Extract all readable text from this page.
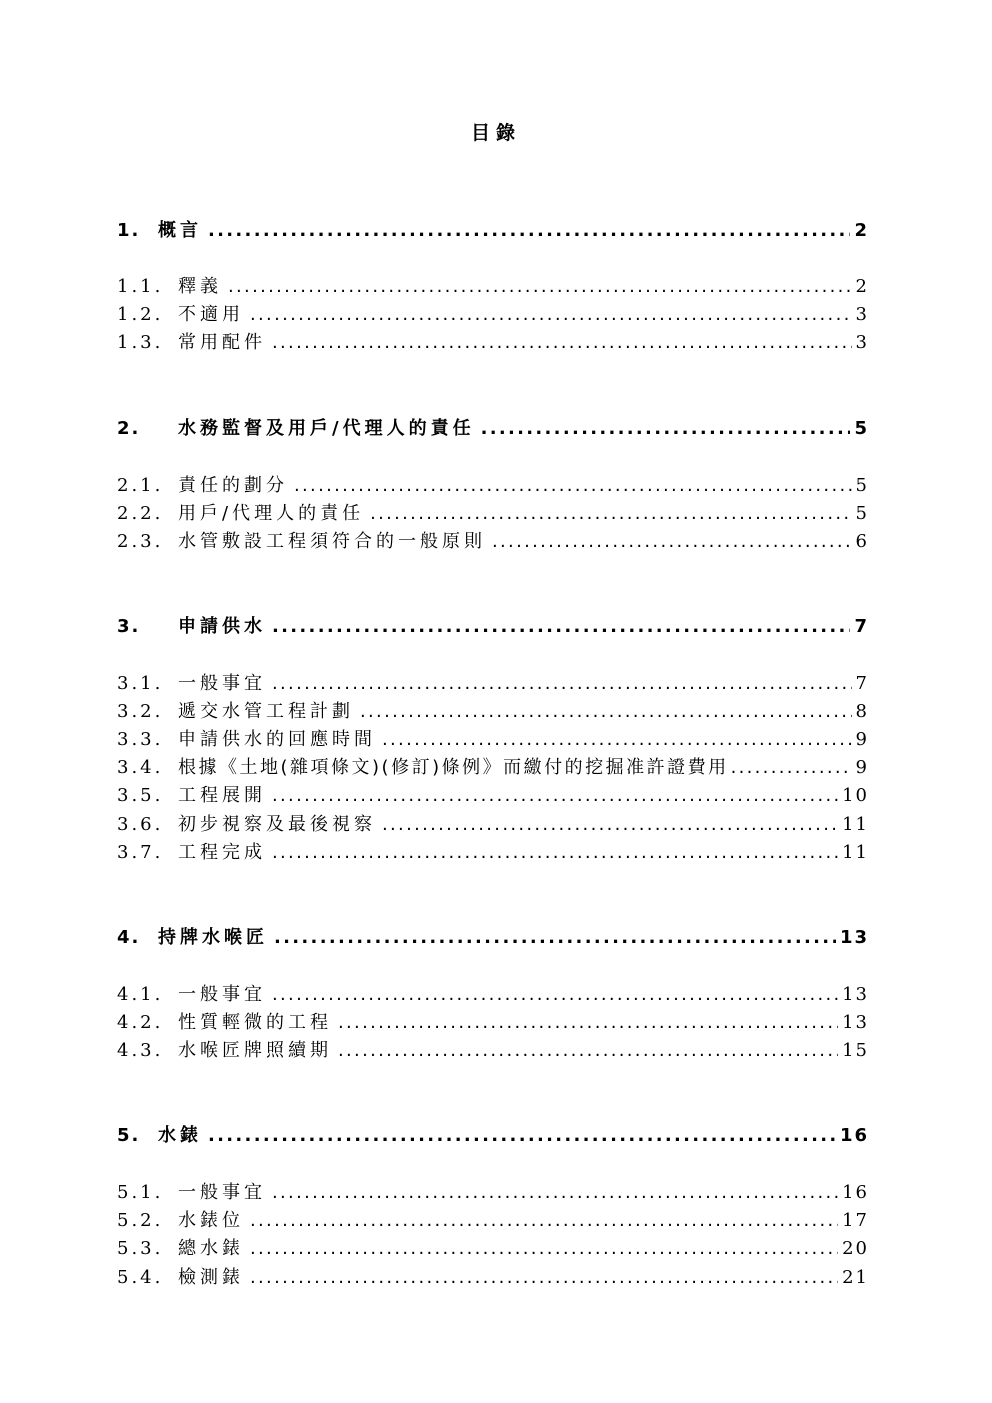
目錄
1. 概言 .....	2
1.1. 釋義 .....	2
1.2. 不適用 .....	3
1.3. 常用配件 .....	3
2.	水務監督及用戶/代理人的責任 .....	5
2.1. 責任的劃分 .....	5
2.2. 用戶/代理人的責任 .....	5
2.3. 水管敷設工程須符合的一般原則 .....	6
3.	申請供水 .....	7
3.1. 一般事宜 .....	7
3.2. 遞交水管工程計劃 .....	8
3.3. 申請供水的回應時間 .....	9
3.4. 根據《土地(雜項條文)(修訂)條例》而繳付的挖掘准許證費用 .....	9
3.5. 工程展開 .....	10
3.6. 初步視察及最後視察 .....	11
3.7. 工程完成 .....	11
4. 持牌水喉匠 .....	13
4.1. 一般事宜 .....	13
4.2. 性質輕微的工程 .....	13
4.3. 水喉匠牌照續期 .....	15
5. 水錶 .....	16
5.1. 一般事宜 .....	16
5.2. 水錶位 .....	17
5.3. 總水錶 .....	20
5.4. 檢測錶 .....	21
